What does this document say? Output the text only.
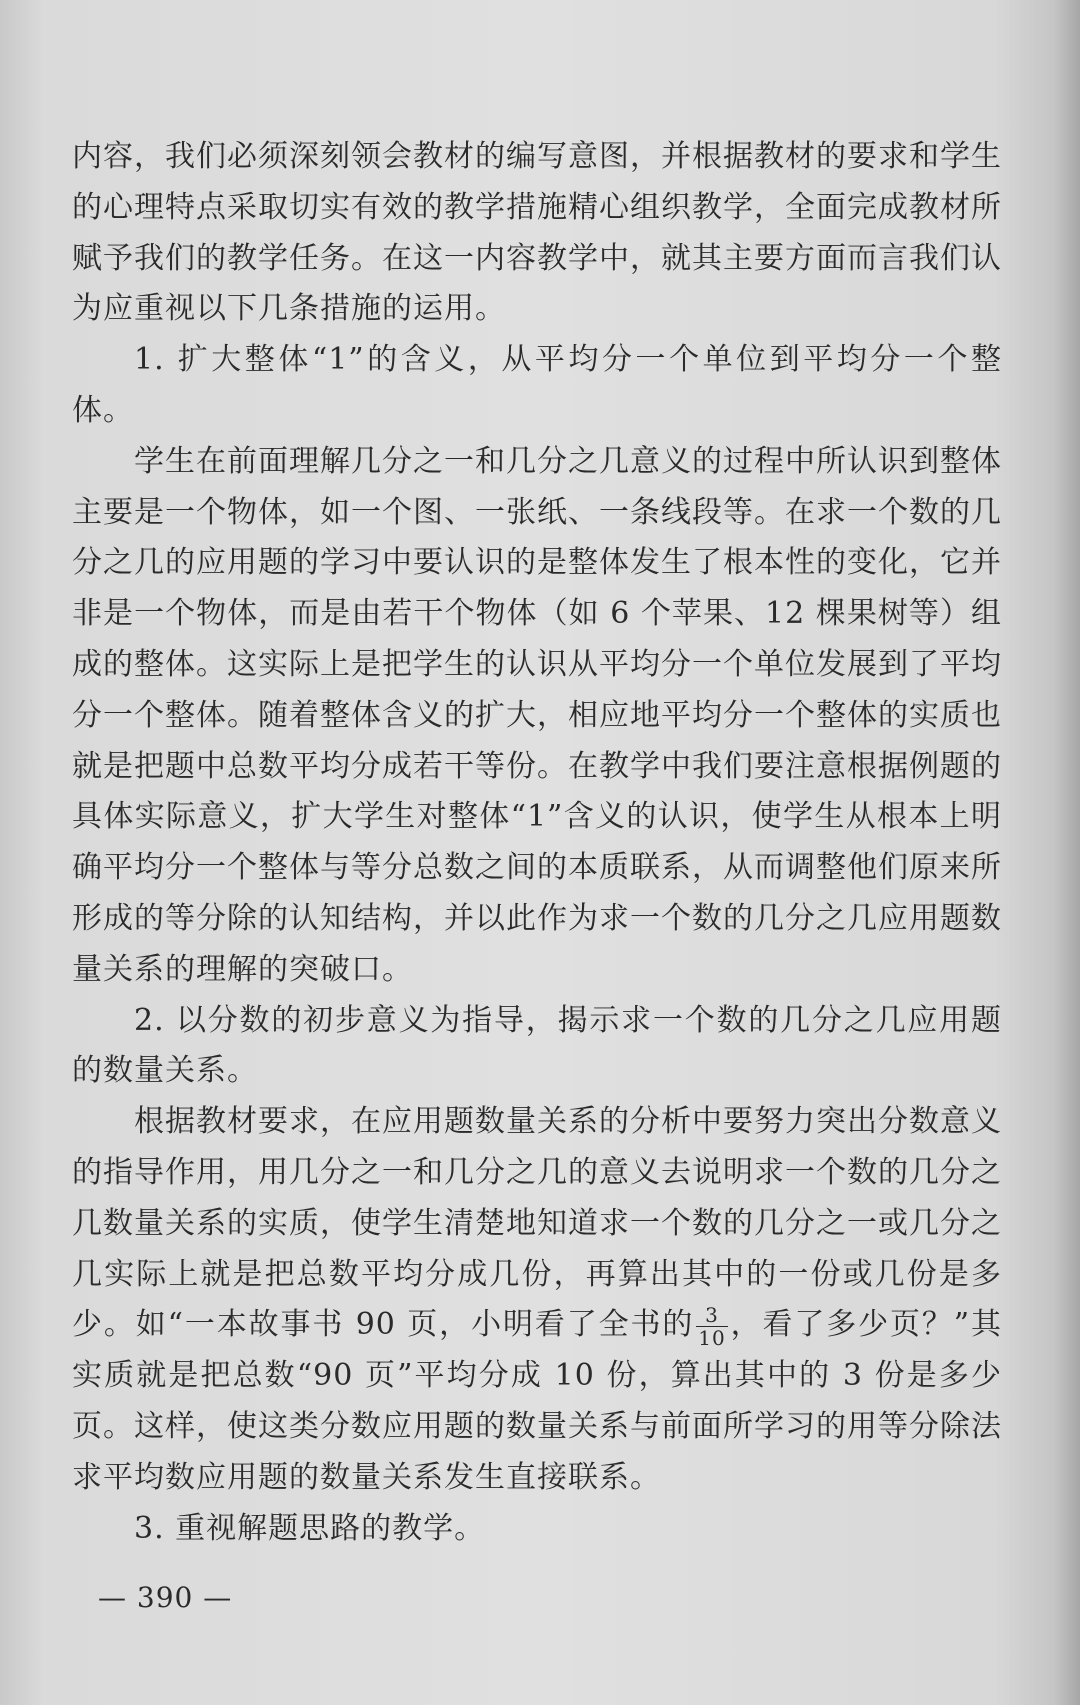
内容，我们必须深刻领会教材的编写意图，并根据教材的要求和学生的心理特点采取切实有效的教学措施精心组织教学，全面完成教材所赋予我们的教学任务。在这一内容教学中，就其主要方面而言我们认为应重视以下几条措施的运用。

1. 扩大整体“1”的含义，从平均分一个单位到平均分一个整体。

学生在前面理解几分之一和几分之几意义的过程中所认识到整体主要是一个物体，如一个图、一张纸、一条线段等。在求一个数的几分之几的应用题的学习中要认识的是整体发生了根本性的变化，它并非是一个物体，而是由若干个物体（如 6 个苹果、12 棵果树等）组成的整体。这实际上是把学生的认识从平均分一个单位发展到了平均分一个整体。随着整体含义的扩大，相应地平均分一个整体的实质也就是把题中总数平均分成若干等份。在教学中我们要注意根据例题的具体实际意义，扩大学生对整体“1”含义的认识，使学生从根本上明确平均分一个整体与等分总数之间的本质联系，从而调整他们原来所形成的等分除的认知结构，并以此作为求一个数的几分之几应用题数量关系的理解的突破口。

2. 以分数的初步意义为指导，揭示求一个数的几分之几应用题的数量关系。

根据教材要求，在应用题数量关系的分析中要努力突出分数意义的指导作用，用几分之一和几分之几的意义去说明求一个数的几分之几数量关系的实质，使学生清楚地知道求一个数的几分之一或几分之几实际上就是把总数平均分成几份，再算出其中的一份或几份是多少。如“一本故事书 90 页，小明看了全书的 $\frac{3}{10}$ ，看了多少页？”其实质就是把总数“90 页”平均分成 10 份，算出其中的 3 份是多少页。这样，使这类分数应用题的数量关系与前面所学习的用等分除法求平均数应用题的数量关系发生直接联系。

3. 重视解题思路的教学。

— 390 —
